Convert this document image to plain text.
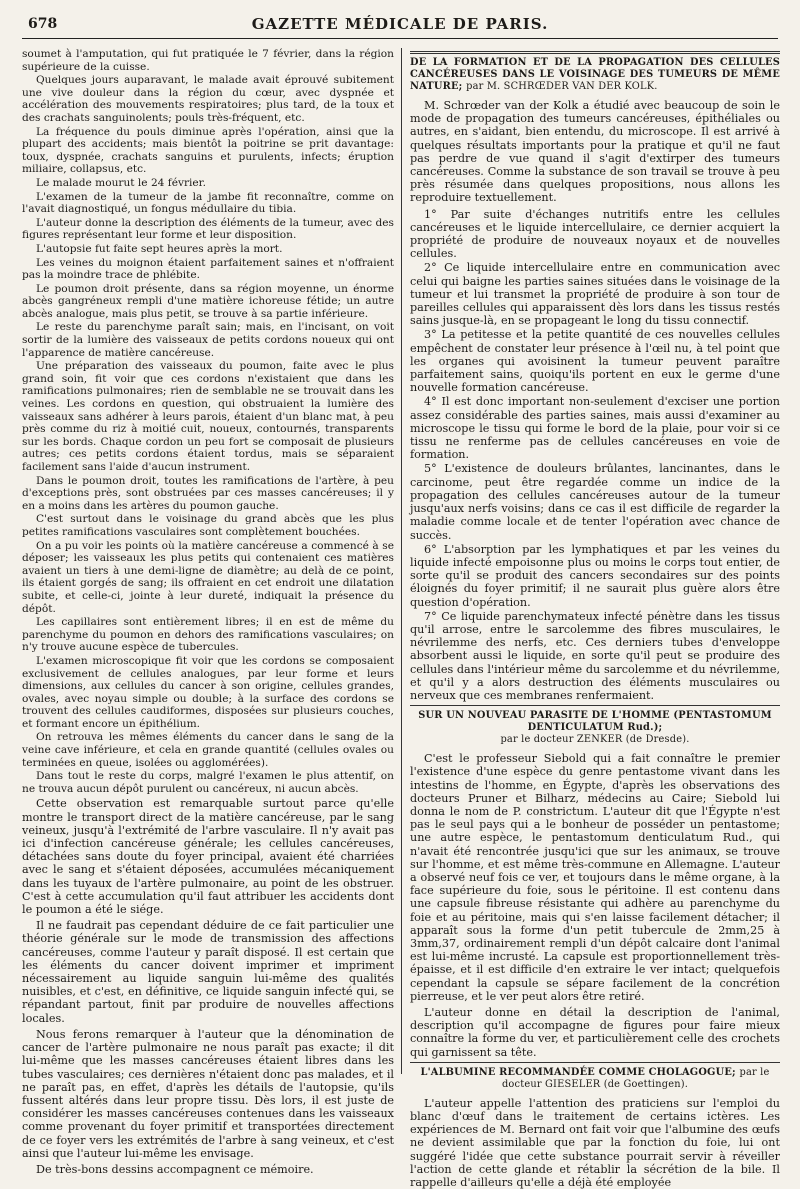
678	GAZETTE MÉDICALE DE PARIS.

soumet à l'amputation, qui fut pratiquée le 7 février, dans la région supérieure de la cuisse.

Quelques jours auparavant, le malade avait éprouvé subitement une vive douleur dans la région du cœur, avec dyspnée et accélération des mouvements respiratoires; plus tard, de la toux et des crachats sanguinolents; pouls très-fréquent, etc.

La fréquence du pouls diminue après l'opération, ainsi que la plupart des accidents; mais bientôt la poitrine se prit davantage: toux, dyspnée, crachats sanguins et purulents, infects; éruption miliaire, collapsus, etc.

Le malade mourut le 24 février.

L'examen de la tumeur de la jambe fit reconnaître, comme on l'avait diagnostiqué, un fongus médullaire du tibia.

L'auteur donne la description des éléments de la tumeur, avec des figures représentant leur forme et leur disposition.

L'autopsie fut faite sept heures après la mort.

Les veines du moignon étaient parfaitement saines et n'offraient pas la moindre trace de phlébite.

Le poumon droit présente, dans sa région moyenne, un énorme abcès gangréneux rempli d'une matière ichoreuse fétide; un autre abcès analogue, mais plus petit, se trouve à sa partie inférieure.

Le reste du parenchyme paraît sain; mais, en l'incisant, on voit sortir de la lumière des vaisseaux de petits cordons noueux qui ont l'apparence de matière cancéreuse.

Une préparation des vaisseaux du poumon, faite avec le plus grand soin, fit voir que ces cordons n'existaient que dans les ramifications pulmonaires; rien de semblable ne se trouvait dans les veines. Les cordons en question, qui obstruaient la lumière des vaisseaux sans adhérer à leurs parois, étaient d'un blanc mat, à peu près comme du riz à moitié cuit, noueux, contournés, transparents sur les bords. Chaque cordon un peu fort se composait de plusieurs autres; ces petits cordons étaient tordus, mais se séparaient facilement sans l'aide d'aucun instrument.

Dans le poumon droit, toutes les ramifications de l'artère, à peu d'exceptions près, sont obstruées par ces masses cancéreuses; il y en a moins dans les artères du poumon gauche.

C'est surtout dans le voisinage du grand abcès que les plus petites ramifications vasculaires sont complètement bouchées.

On a pu voir les points où la matière cancéreuse a commencé à se déposer; les vaisseaux les plus petits qui contenaient ces matières avaient un tiers à une demi-ligne de diamètre; au delà de ce point, ils étaient gorgés de sang; ils offraient en cet endroit une dilatation subite, et celle-ci, jointe à leur dureté, indiquait la présence du dépôt.

Les capillaires sont entièrement libres; il en est de même du parenchyme du poumon en dehors des ramifications vasculaires; on n'y trouve aucune espèce de tubercules.

L'examen microscopique fit voir que les cordons se composaient exclusivement de cellules analogues, par leur forme et leurs dimensions, aux cellules du cancer à son origine, cellules grandes, ovales, avec noyau simple ou double; à la surface des cordons se trouvent des cellules caudiformes, disposées sur plusieurs couches, et formant encore un épithélium.

On retrouva les mêmes éléments du cancer dans le sang de la veine cave inférieure, et cela en grande quantité (cellules ovales ou terminées en queue, isolées ou agglomérées).

Dans tout le reste du corps, malgré l'examen le plus attentif, on ne trouva aucun dépôt purulent ou cancéreux, ni aucun abcès.

Cette observation est remarquable surtout parce qu'elle montre le transport direct de la matière cancéreuse, par le sang veineux, jusqu'à l'extrémité de l'arbre vasculaire. Il n'y avait pas ici d'infection cancéreuse générale; les cellules cancéreuses, détachées sans doute du foyer principal, avaient été charriées avec le sang et s'étaient déposées, accumulées mécaniquement dans les tuyaux de l'artère pulmonaire, au point de les obstruer. C'est à cette accumulation qu'il faut attribuer les accidents dont le poumon a été le siége.

Il ne faudrait pas cependant déduire de ce fait particulier une théorie générale sur le mode de transmission des affections cancéreuses, comme l'auteur y paraît disposé. Il est certain que les éléments du cancer doivent imprimer et impriment nécessairement au liquide sanguin lui-même des qualités nuisibles, et c'est, en définitive, ce liquide sanguin infecté qui, se répandant partout, finit par produire de nouvelles affections locales.

Nous ferons remarquer à l'auteur que la dénomination de cancer de l'artère pulmonaire ne nous paraît pas exacte; il dit lui-même que les masses cancéreuses étaient libres dans les tubes vasculaires; ces dernières n'étaient donc pas malades, et il ne paraît pas, en effet, d'après les détails de l'autopsie, qu'ils fussent altérés dans leur propre tissu. Dès lors, il est juste de considérer les masses cancéreuses contenues dans les vaisseaux comme provenant du foyer primitif et transportées directement de ce foyer vers les extrémités de l'arbre à sang veineux, et c'est ainsi que l'auteur lui-même les envisage.

De très-bons dessins accompagnent ce mémoire.

DE LA FORMATION ET DE LA PROPAGATION DES CELLULES CANCÉREUSES DANS LE VOISINAGE DES TUMEURS DE MÊME NATURE; par M. SCHRŒDER VAN DER KOLK.

M. Schrœder van der Kolk a étudié avec beaucoup de soin le mode de propagation des tumeurs cancéreuses, épithéliales ou autres, en s'aidant, bien entendu, du microscope. Il est arrivé à quelques résultats importants pour la pratique et qu'il ne faut pas perdre de vue quand il s'agit d'extirper des tumeurs cancéreuses. Comme la substance de son travail se trouve à peu près résumée dans quelques propositions, nous allons les reproduire textuellement.

1° Par suite d'échanges nutritifs entre les cellules cancéreuses et le liquide intercellulaire, ce dernier acquiert la propriété de produire de nouveaux noyaux et de nouvelles cellules.

2° Ce liquide intercellulaire entre en communication avec celui qui baigne les parties saines situées dans le voisinage de la tumeur et lui transmet la propriété de produire à son tour de pareilles cellules qui apparaissent dès lors dans les tissus restés sains jusque-là, en se propageant le long du tissu connectif.

3° La petitesse et la petite quantité de ces nouvelles cellules empêchent de constater leur présence à l'œil nu, à tel point que les organes qui avoisinent la tumeur peuvent paraître parfaitement sains, quoiqu'ils portent en eux le germe d'une nouvelle formation cancéreuse.

4° Il est donc important non-seulement d'exciser une portion assez considérable des parties saines, mais aussi d'examiner au microscope le tissu qui forme le bord de la plaie, pour voir si ce tissu ne renferme pas de cellules cancéreuses en voie de formation.

5° L'existence de douleurs brûlantes, lancinantes, dans le carcinome, peut être regardée comme un indice de la propagation des cellules cancéreuses autour de la tumeur jusqu'aux nerfs voisins; dans ce cas il est difficile de regarder la maladie comme locale et de tenter l'opération avec chance de succès.

6° L'absorption par les lymphatiques et par les veines du liquide infecté empoisonne plus ou moins le corps tout entier, de sorte qu'il se produit des cancers secondaires sur des points éloignés du foyer primitif; il ne saurait plus guère alors être question d'opération.

7° Ce liquide parenchymateux infecté pénètre dans les tissus qu'il arrose, entre le sarcolemme des fibres musculaires, le névrilemme des nerfs, etc. Ces derniers tubes d'enveloppe absorbent aussi le liquide, en sorte qu'il peut se produire des cellules dans l'intérieur même du sarcolemme et du névrilemme, et qu'il y a alors destruction des éléments musculaires ou nerveux que ces membranes renfermaient.

SUR UN NOUVEAU PARASITE DE L'HOMME (PENTASTOMUM DENTICULATUM Rud.);
par le docteur ZENKER (de Dresde).

C'est le professeur Siebold qui a fait connaître le premier l'existence d'une espèce du genre pentastome vivant dans les intestins de l'homme, en Égypte, d'après les observations des docteurs Pruner et Bilharz, médecins au Caire; Siebold lui donna le nom de P. constrictum. L'auteur dit que l'Égypte n'est pas le seul pays qui a le bonheur de posséder un pentastome; une autre espèce, le pentastomum denticulatum Rud., qui n'avait été rencontrée jusqu'ici que sur les animaux, se trouve sur l'homme, et est même très-commune en Allemagne. L'auteur a observé neuf fois ce ver, et toujours dans le même organe, à la face supérieure du foie, sous le péritoine. Il est contenu dans une capsule fibreuse résistante qui adhère au parenchyme du foie et au péritoine, mais qui s'en laisse facilement détacher; il apparaît sous la forme d'un petit tubercule de 2mm,25 à 3mm,37, ordinairement rempli d'un dépôt calcaire dont l'animal est lui-même incrusté. La capsule est proportionnellement très-épaisse, et il est difficile d'en extraire le ver intact; quelquefois cependant la capsule se sépare facilement de la concrétion pierreuse, et le ver peut alors être retiré.

L'auteur donne en détail la description de l'animal, description qu'il accompagne de figures pour faire mieux connaître la forme du ver, et particulièrement celle des crochets qui garnissent sa tête.

L'ALBUMINE RECOMMANDÉE COMME CHOLAGOGUE; par le docteur GIESELER (de Goettingen).

L'auteur appelle l'attention des praticiens sur l'emploi du blanc d'œuf dans le traitement de certains ictères. Les expériences de M. Bernard ont fait voir que l'albumine des œufs ne devient assimilable que par la fonction du foie, lui ont suggéré l'idée que cette substance pourrait servir à réveiller l'action de cette glande et rétablir la sécrétion de la bile. Il rappelle d'ailleurs qu'elle a déjà été employée
